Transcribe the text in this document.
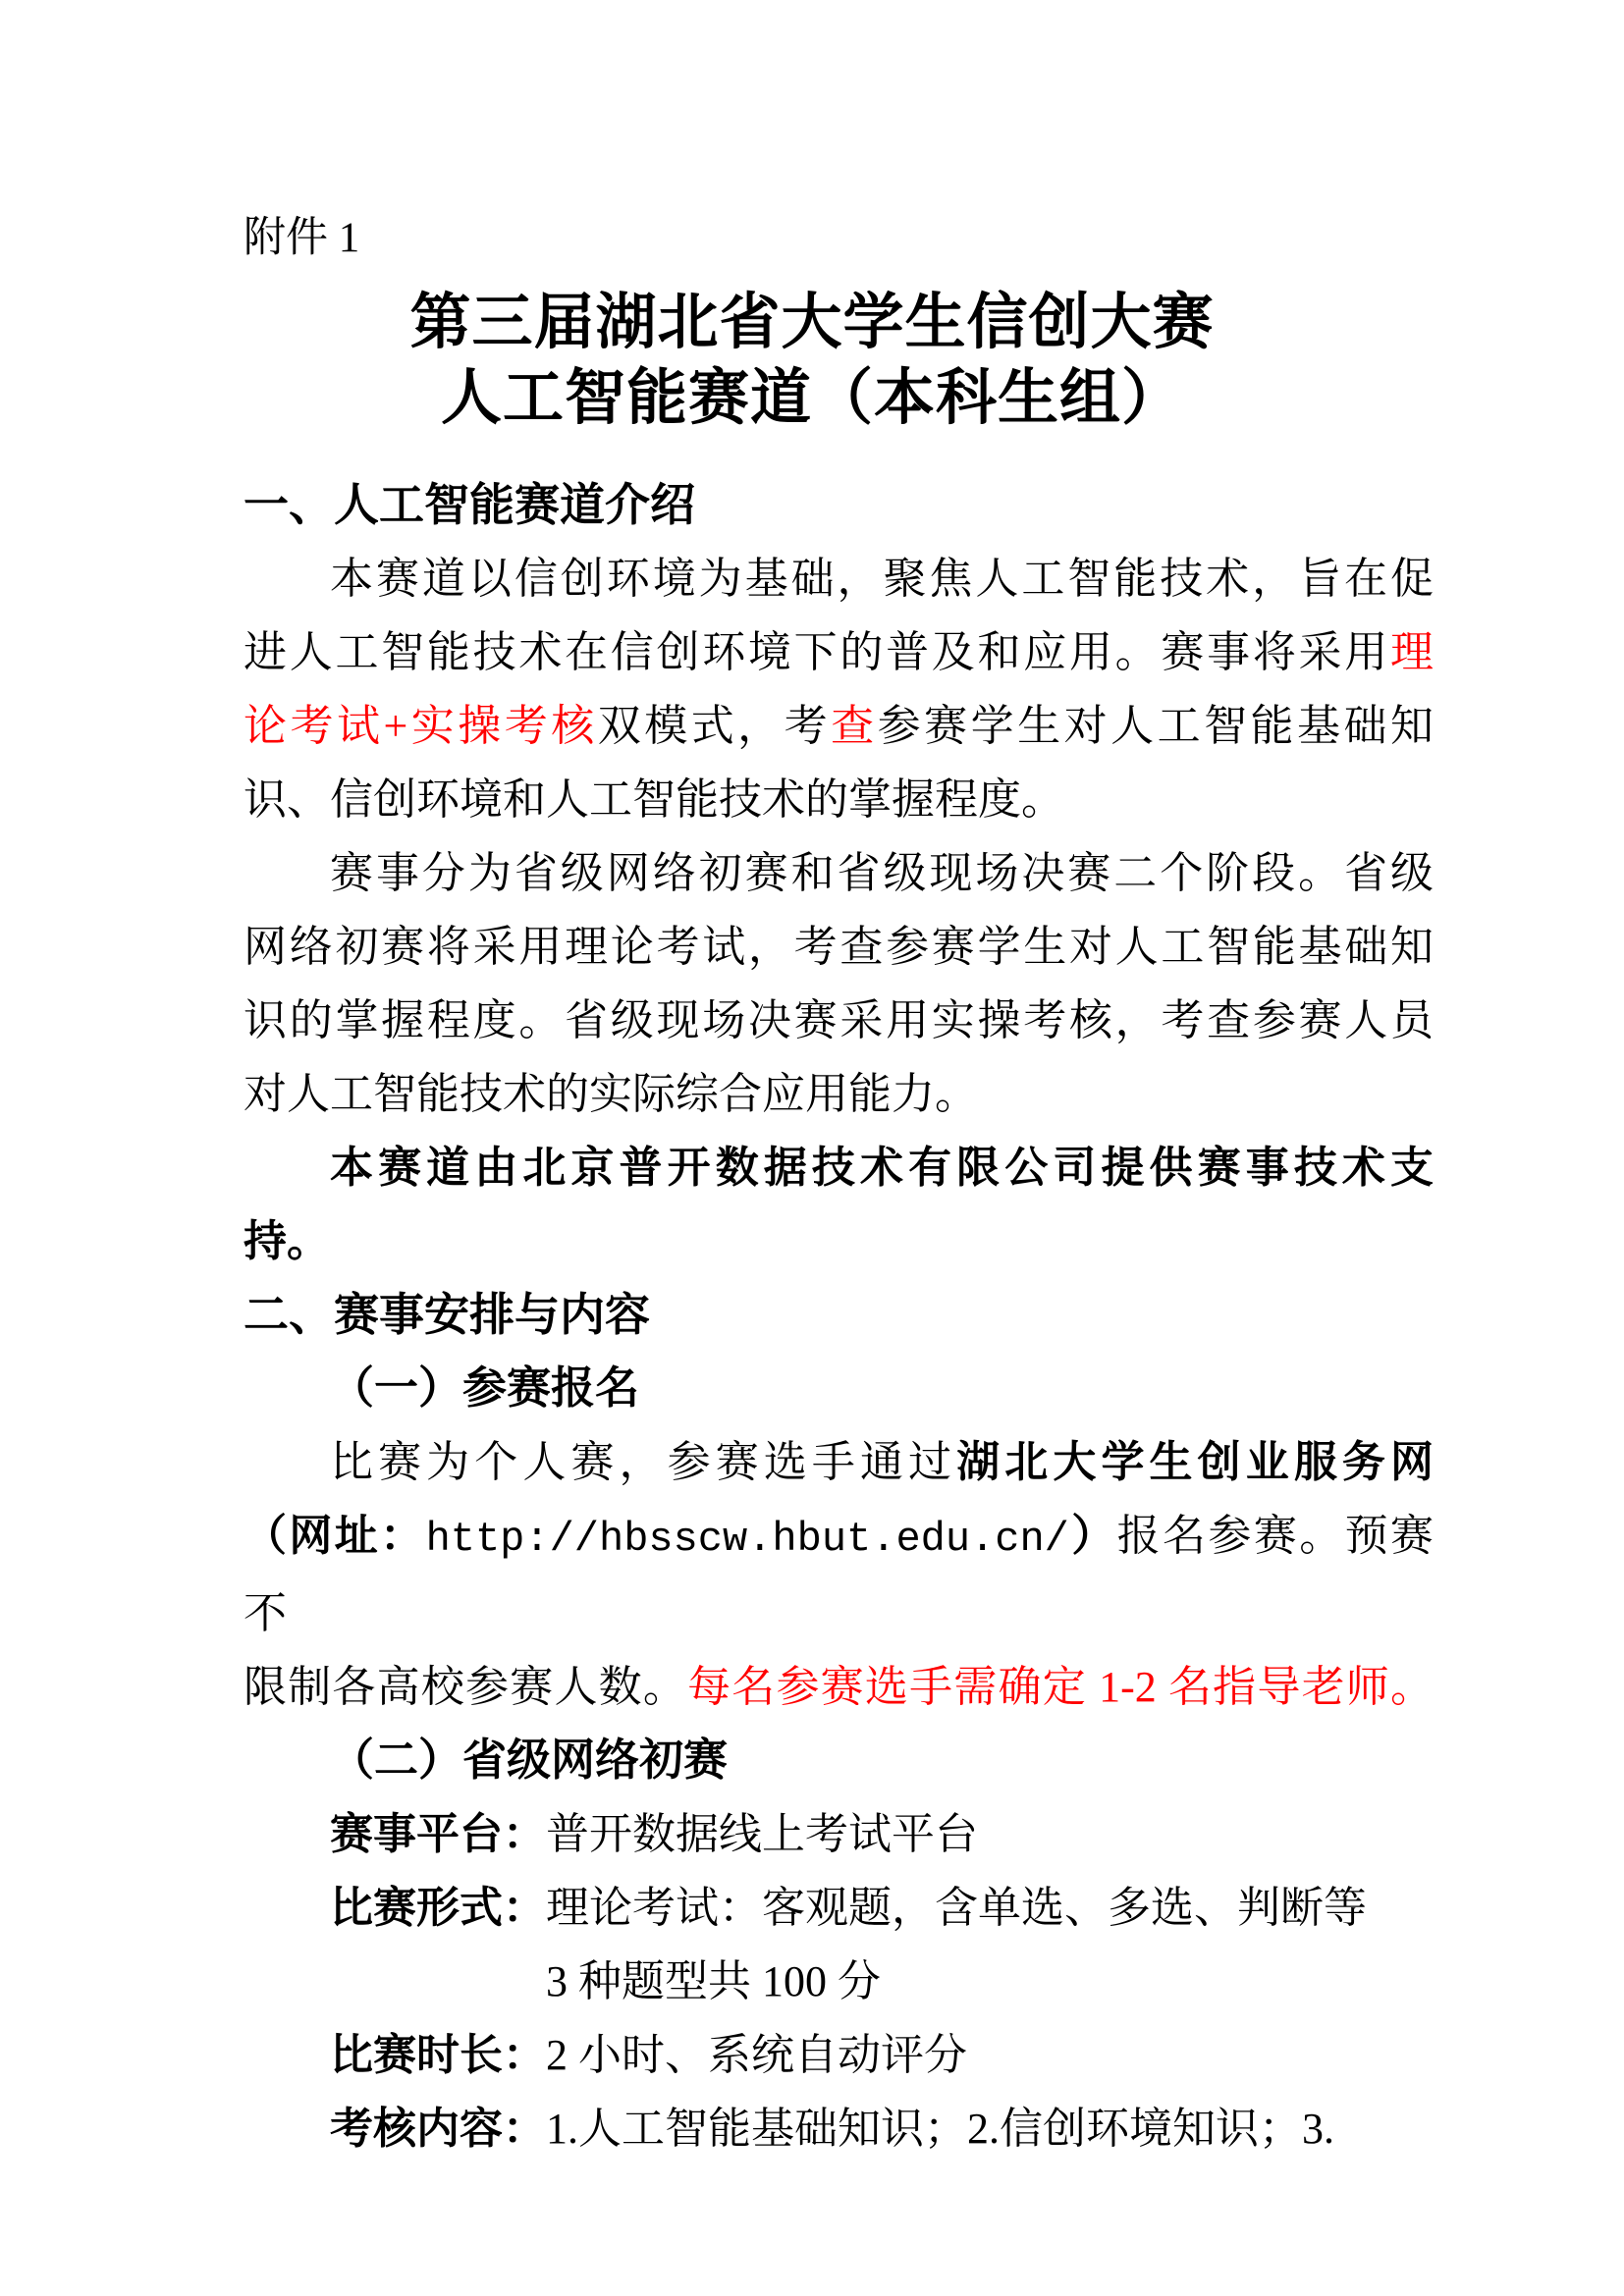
附件 1
第三届湖北省大学生信创大赛
人工智能赛道（本科生组）
一、人工智能赛道介绍
本赛道以信创环境为基础，聚焦人工智能技术，旨在促
进人工智能技术在信创环境下的普及和应用。赛事将采用理
论考试+实操考核双模式，考查参赛学生对人工智能基础知
识、信创环境和人工智能技术的掌握程度。
赛事分为省级网络初赛和省级现场决赛二个阶段。省级
网络初赛将采用理论考试，考查参赛学生对人工智能基础知
识的掌握程度。省级现场决赛采用实操考核，考查参赛人员
对人工智能技术的实际综合应用能力。
本赛道由北京普开数据技术有限公司提供赛事技术支
持。
二、赛事安排与内容
（一）参赛报名
比赛为个人赛，参赛选手通过湖北大学生创业服务网
（网址：http://hbsscw.hbut.edu.cn/）报名参赛。预赛不
限制各高校参赛人数。每名参赛选手需确定 1-2 名指导老师。
（二）省级网络初赛
赛事平台：普开数据线上考试平台
比赛形式：理论考试：客观题，含单选、多选、判断等
3 种题型共 100 分
比赛时长：2 小时、系统自动评分
考核内容：1.人工智能基础知识；2.信创环境知识；3.
